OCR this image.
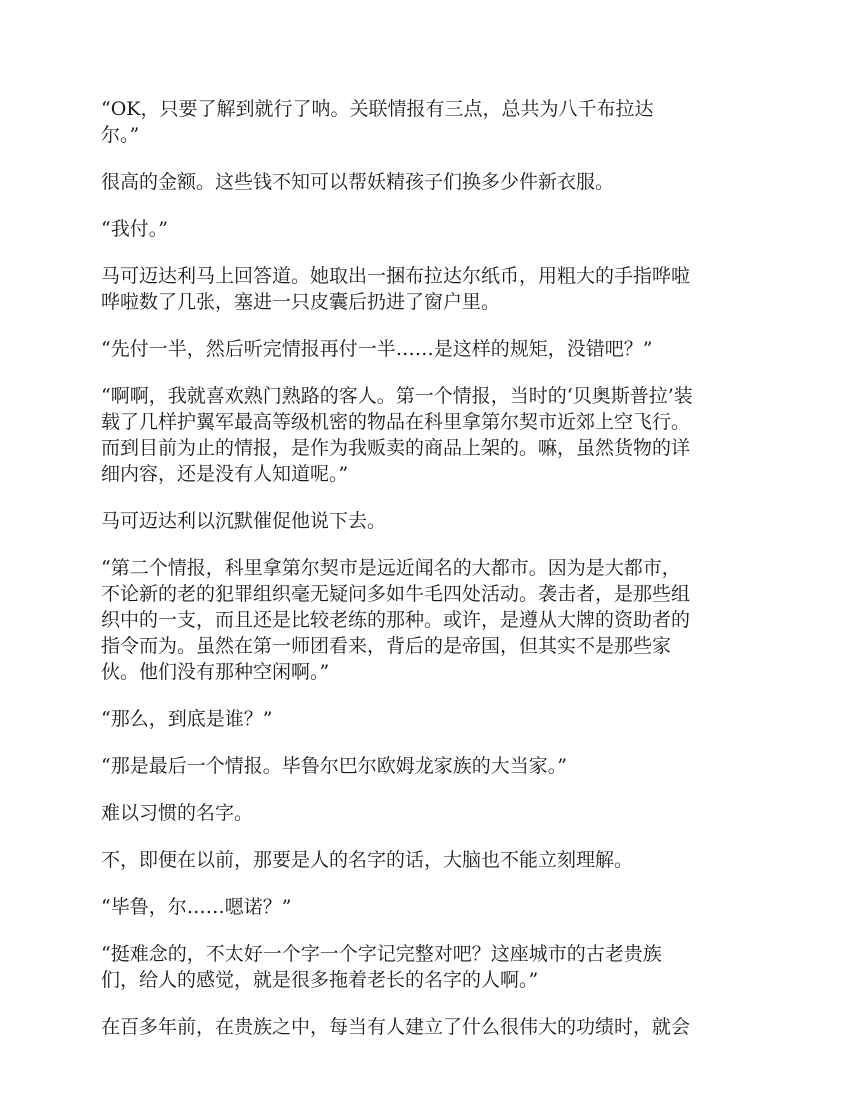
“OK，只要了解到就行了呐。关联情报有三点，总共为八千布拉达
尔。”

很高的金额。这些钱不知可以帮妖精孩子们换多少件新衣服。

“我付。”

马可迈达利马上回答道。她取出一捆布拉达尔纸币，用粗大的手指哗啦
哗啦数了几张，塞进一只皮囊后扔进了窗户里。

“先付一半，然后听完情报再付一半……是这样的规矩，没错吧？”

“啊啊，我就喜欢熟门熟路的客人。第一个情报，当时的‘贝奥斯普拉’装
载了几样护翼军最高等级机密的物品在科里拿第尔契市近郊上空飞行。
而到目前为止的情报，是作为我贩卖的商品上架的。嘛，虽然货物的详
细内容，还是没有人知道呢。”

马可迈达利以沉默催促他说下去。

“第二个情报，科里拿第尔契市是远近闻名的大都市。因为是大都市，
不论新的老的犯罪组织毫无疑问多如牛毛四处活动。袭击者，是那些组
织中的一支，而且还是比较老练的那种。或许，是遵从大牌的资助者的
指令而为。虽然在第一师团看来，背后的是帝国，但其实不是那些家
伙。他们没有那种空闲啊。”

“那么，到底是谁？”

“那是最后一个情报。毕鲁尔巴尔欧姆龙家族的大当家。”

难以习惯的名字。

不，即便在以前，那要是人的名字的话，大脑也不能立刻理解。

“毕鲁，尔……嗯诺？”

“挺难念的，不太好一个字一个字记完整对吧？这座城市的古老贵族
们，给人的感觉，就是很多拖着老长的名字的人啊。”

在百多年前，在贵族之中，每当有人建立了什么很伟大的功绩时，就会
